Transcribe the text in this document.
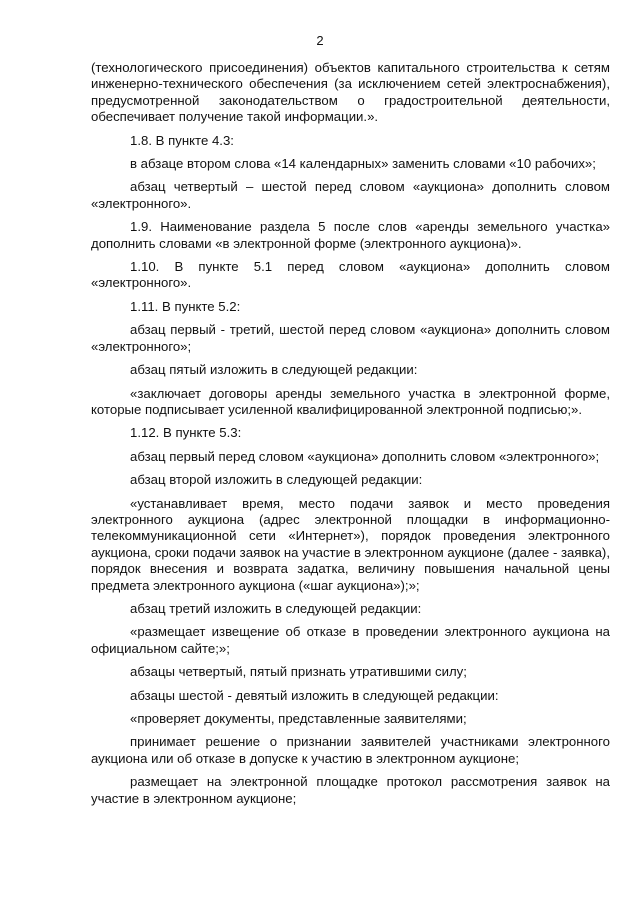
2

(технологического присоединения) объектов капитального строительства к сетям инженерно-технического обеспечения (за исключением сетей электроснабжения), предусмотренной законодательством о градостроительной деятельности, обеспечивает получение такой информации.».

1.8. В пункте 4.3:

в абзаце втором слова «14 календарных» заменить словами «10 рабочих»;

абзац четвертый – шестой перед словом «аукциона» дополнить словом «электронного».

1.9. Наименование раздела 5 после слов «аренды земельного участка» дополнить словами «в электронной форме (электронного аукциона)».

1.10. В пункте 5.1 перед словом «аукциона» дополнить словом «электронного».

1.11. В пункте 5.2:

абзац первый - третий, шестой перед словом «аукциона» дополнить словом «электронного»;

абзац пятый изложить в следующей редакции:

«заключает договоры аренды земельного участка в электронной форме, которые подписывает усиленной квалифицированной электронной подписью;».

1.12. В пункте 5.3:

абзац первый перед словом «аукциона» дополнить словом «электронного»;

абзац второй изложить в следующей редакции:

«устанавливает время, место подачи заявок и место проведения электронного аукциона (адрес электронной площадки в информационно-телекоммуникационной сети «Интернет»), порядок проведения электронного аукциона, сроки подачи заявок на участие в электронном аукционе (далее - заявка), порядок внесения и возврата задатка, величину повышения начальной цены предмета электронного аукциона («шаг аукциона»);»;

абзац третий изложить в следующей редакции:

«размещает извещение об отказе в проведении электронного аукциона на официальном сайте;»;

абзацы четвертый, пятый признать утратившими силу;

абзацы шестой - девятый изложить в следующей редакции:

«проверяет документы, представленные заявителями;

принимает решение о признании заявителей участниками электронного аукциона или об отказе в допуске к участию в электронном аукционе;

размещает на электронной площадке протокол рассмотрения заявок на участие в электронном аукционе;
